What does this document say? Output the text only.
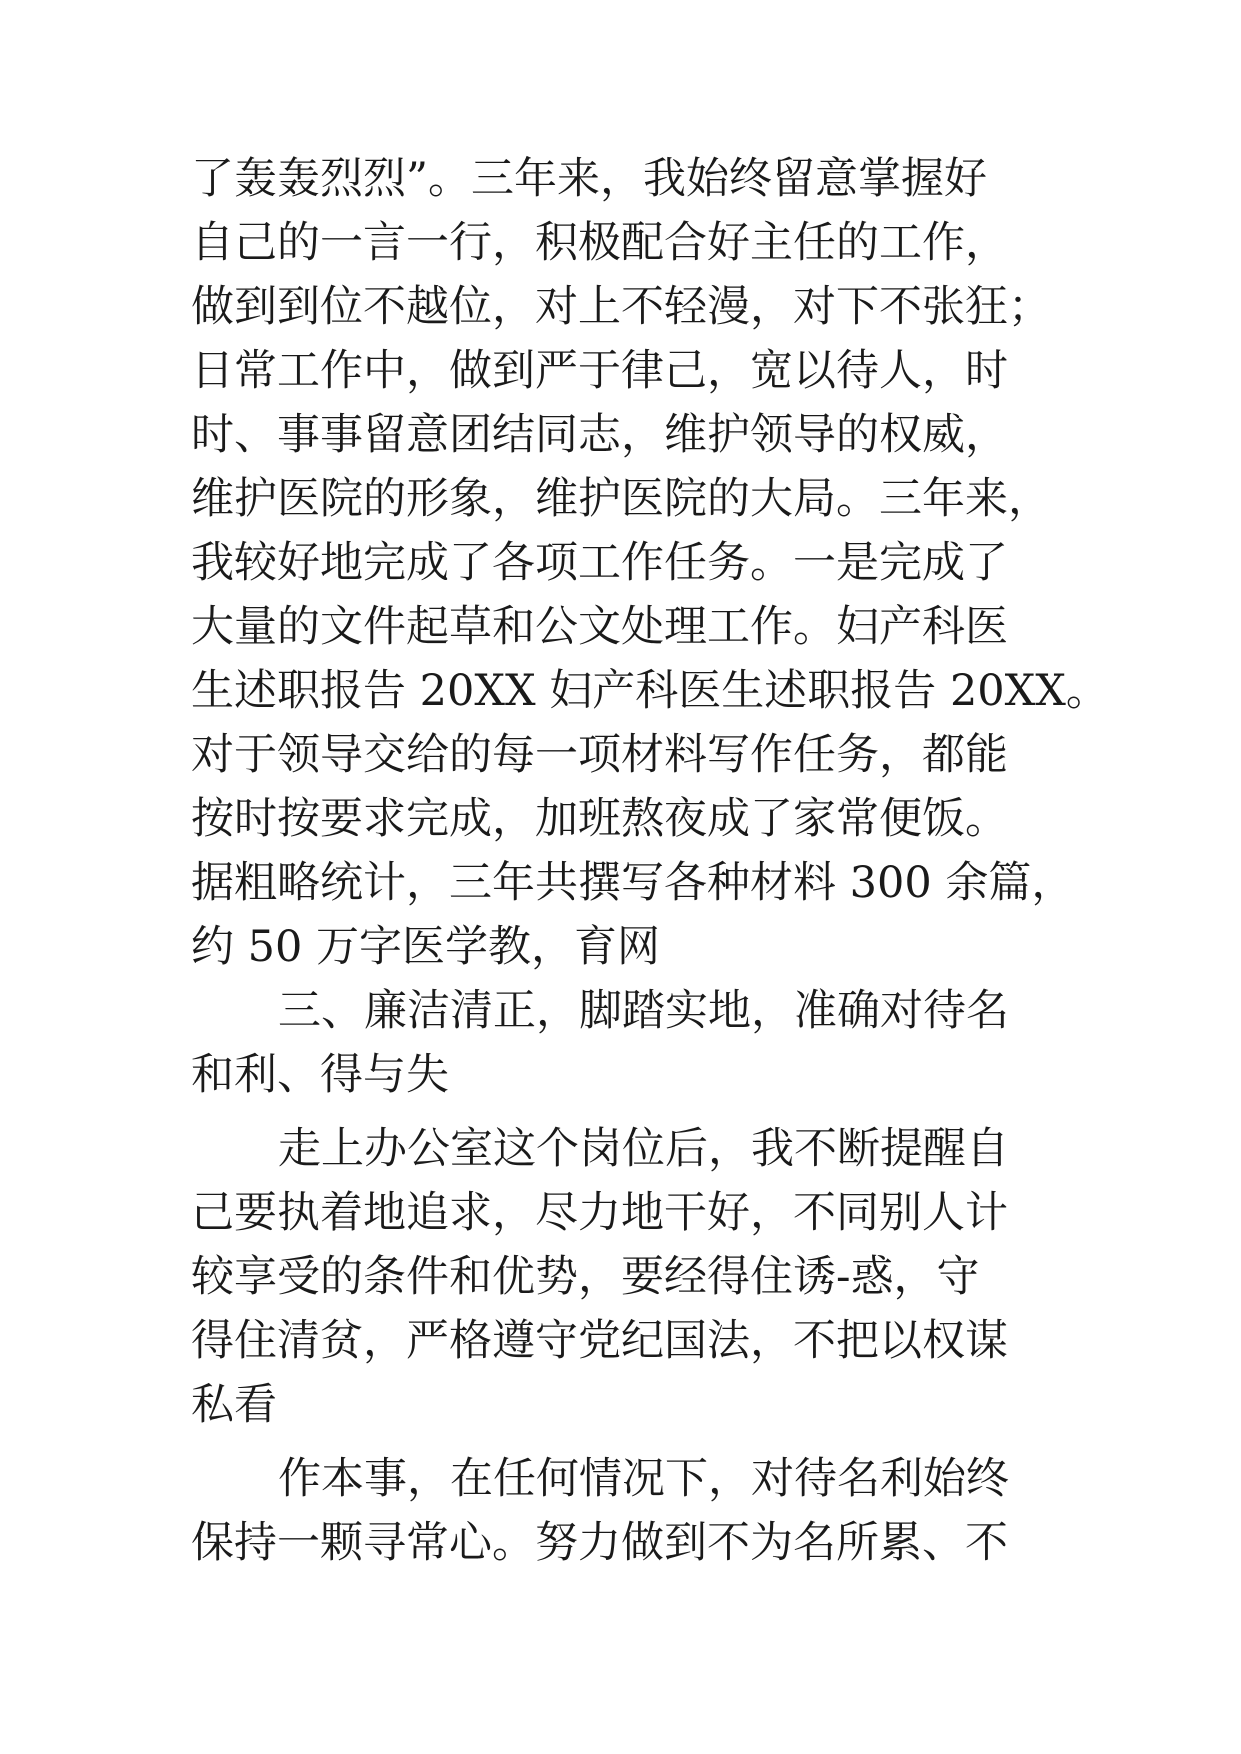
了轰轰烈烈”。三年来，我始终留意掌握好
自己的一言一行，积极配合好主任的工作，
做到到位不越位，对上不轻漫，对下不张狂；
日常工作中，做到严于律己，宽以待人，时
时、事事留意团结同志，维护领导的权威，
维护医院的形象，维护医院的大局。三年来，
我较好地完成了各项工作任务。一是完成了
大量的文件起草和公文处理工作。妇产科医
生述职报告 20XX 妇产科医生述职报告 20XX。
对于领导交给的每一项材料写作任务，都能
按时按要求完成，加班熬夜成了家常便饭。
据粗略统计，三年共撰写各种材料 300 余篇，
约 50 万字医学教，育网
三、廉洁清正，脚踏实地，准确对待名
和利、得与失
走上办公室这个岗位后，我不断提醒自
己要执着地追求，尽力地干好，不同别人计
较享受的条件和优势，要经得住诱-惑，守
得住清贫，严格遵守党纪国法，不把以权谋
私看
作本事，在任何情况下，对待名利始终
保持一颗寻常心。努力做到不为名所累、不
